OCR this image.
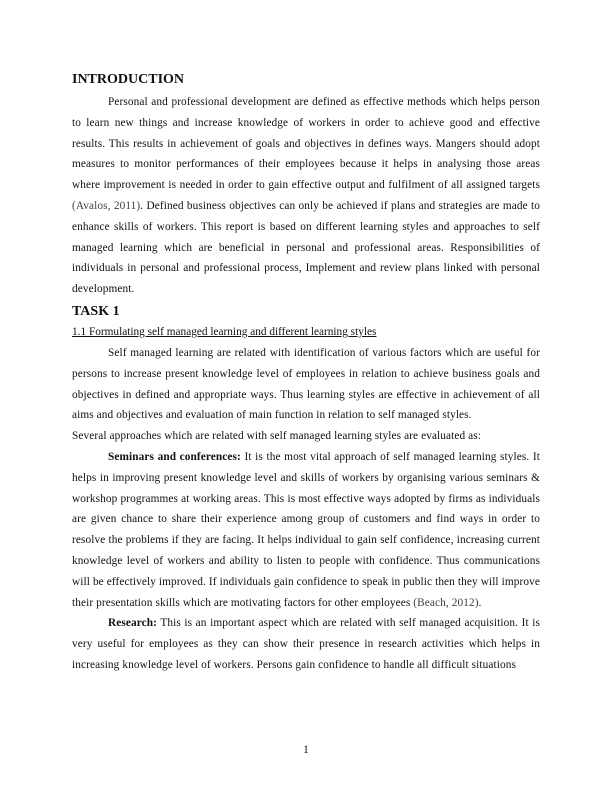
INTRODUCTION

Personal and professional development are defined as effective methods which helps person to learn new things and increase knowledge of workers in order to achieve good and effective results. This results in achievement of goals and objectives in defines ways. Mangers should adopt measures to monitor performances of their employees because it helps in analysing those areas where improvement is needed in order to gain effective output and fulfilment of all assigned targets (Avalos, 2011). Defined business objectives can only be achieved if plans and strategies are made to enhance skills of workers. This report is based on different learning styles and approaches to self managed learning which are beneficial in personal and professional areas. Responsibilities of individuals in personal and professional process, Implement and review plans linked with personal development.

TASK 1
1.1 Formulating self managed learning and different learning styles

Self managed learning are related with identification of various factors which are useful for persons to increase present knowledge level of employees in relation to achieve business goals and objectives in defined and appropriate ways. Thus learning styles are effective in achievement of all aims and objectives and evaluation of main function in relation to self managed styles.

Several approaches which are related with self managed learning styles are evaluated as:

Seminars and conferences: It is the most vital approach of self managed learning styles. It helps in improving present knowledge level and skills of workers by organising various seminars & workshop programmes at working areas. This is most effective ways adopted by firms as individuals are given chance to share their experience among group of customers and find ways in order to resolve the problems if they are facing. It helps individual to gain self confidence, increasing current knowledge level of workers and ability to listen to people with confidence. Thus communications will be effectively improved. If individuals gain confidence to speak in public then they will improve their presentation skills which are motivating factors for other employees (Beach, 2012).

Research: This is an important aspect which are related with self managed acquisition. It is very useful for employees as they can show their presence in research activities which helps in increasing knowledge level of workers. Persons gain confidence to handle all difficult situations

1
